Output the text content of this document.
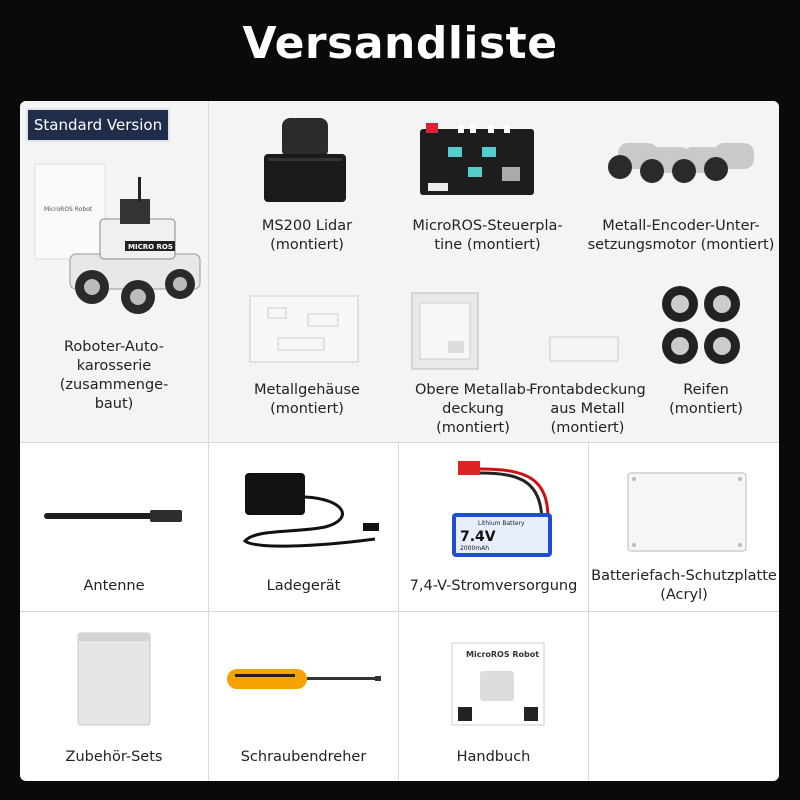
Versandliste
Standard Version
MicroROS Robot
MICRO ROS
Roboter-Auto-
karosserie
(zusammenge-
baut)
MS200 Lidar
(montiert)
MicroROS-Steuerpla-
tine (montiert)
Metall-Encoder-Unter-
setzungsmotor (montiert)
Metallgehäuse
(montiert)
Obere Metallab-
deckung
(montiert)
Frontabdeckung
aus Metall
(montiert)
Reifen
(montiert)
Antenne	Ladegerät
Lithium Battery
7.4V
2000mAh
7,4-V-Stromversorgung
Batteriefach-Schutzplatte
(Acryl)
Zubehör-Sets	Schraubendreher
MicroROS Robot
Handbuch
